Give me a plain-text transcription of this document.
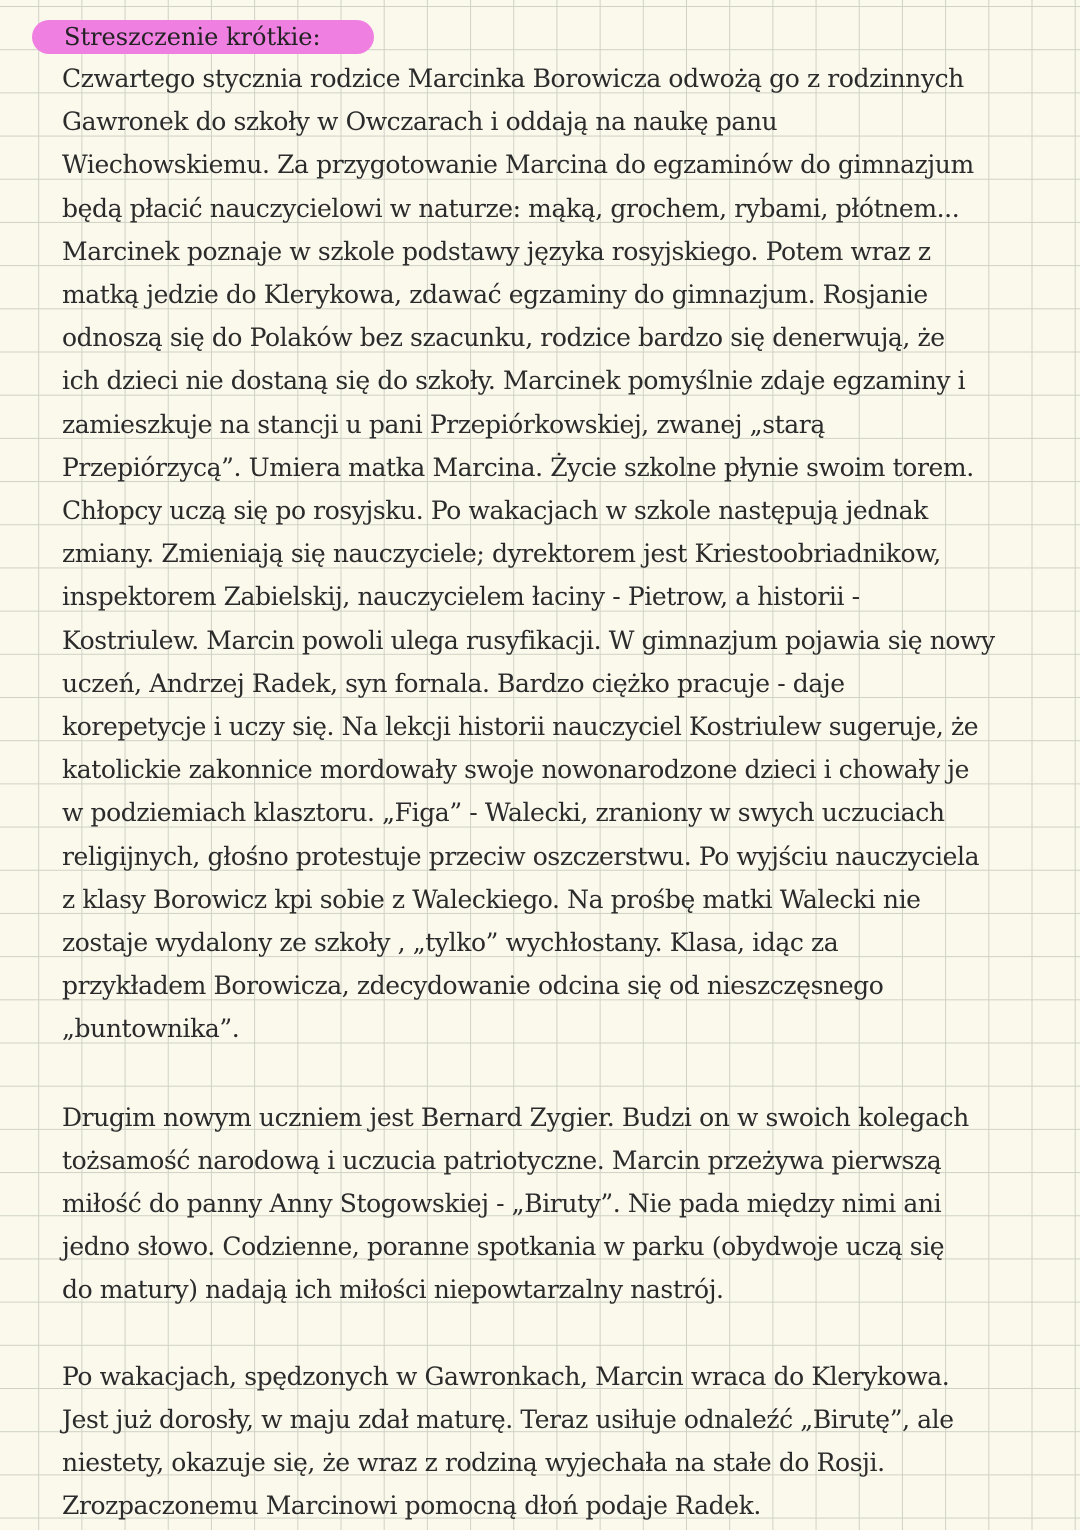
Streszczenie krótkie:
Czwartego stycznia rodzice Marcinka Borowicza odwożą go z rodzinnych
Gawronek do szkoły w Owczarach i oddają na naukę panu
Wiechowskiemu. Za przygotowanie Marcina do egzaminów do gimnazjum
będą płacić nauczycielowi w naturze: mąką, grochem, rybami, płótnem...
Marcinek poznaje w szkole podstawy języka rosyjskiego. Potem wraz z
matką jedzie do Klerykowa, zdawać egzaminy do gimnazjum. Rosjanie
odnoszą się do Polaków bez szacunku, rodzice bardzo się denerwują, że
ich dzieci nie dostaną się do szkoły. Marcinek pomyślnie zdaje egzaminy i
zamieszkuje na stancji u pani Przepiórkowskiej, zwanej „starą
Przepiórzycą”. Umiera matka Marcina. Życie szkolne płynie swoim torem.
Chłopcy uczą się po rosyjsku. Po wakacjach w szkole następują jednak
zmiany. Zmieniają się nauczyciele; dyrektorem jest Kriestoobriadnikow,
inspektorem Zabielskij, nauczycielem łaciny - Pietrow, a historii -
Kostriulew. Marcin powoli ulega rusyfikacji. W gimnazjum pojawia się nowy
uczeń, Andrzej Radek, syn fornala. Bardzo ciężko pracuje - daje
korepetycje i uczy się. Na lekcji historii nauczyciel Kostriulew sugeruje, że
katolickie zakonnice mordowały swoje nowonarodzone dzieci i chowały je
w podziemiach klasztoru. „Figa” - Walecki, zraniony w swych uczuciach
religijnych, głośno protestuje przeciw oszczerstwu. Po wyjściu nauczyciela
z klasy Borowicz kpi sobie z Waleckiego. Na prośbę matki Walecki nie
zostaje wydalony ze szkoły , „tylko” wychłostany. Klasa, idąc za
przykładem Borowicza, zdecydowanie odcina się od nieszczęsnego
„buntownika”.
Drugim nowym uczniem jest Bernard Zygier. Budzi on w swoich kolegach
tożsamość narodową i uczucia patriotyczne. Marcin przeżywa pierwszą
miłość do panny Anny Stogowskiej - „Biruty”. Nie pada między nimi ani
jedno słowo. Codzienne, poranne spotkania w parku (obydwoje uczą się
do matury) nadają ich miłości niepowtarzalny nastrój.
Po wakacjach, spędzonych w Gawronkach, Marcin wraca do Klerykowa.
Jest już dorosły, w maju zdał maturę. Teraz usiłuje odnaleźć „Birutę”, ale
niestety, okazuje się, że wraz z rodziną wyjechała na stałe do Rosji.
Zrozpaczonemu Marcinowi pomocną dłoń podaje Radek.
